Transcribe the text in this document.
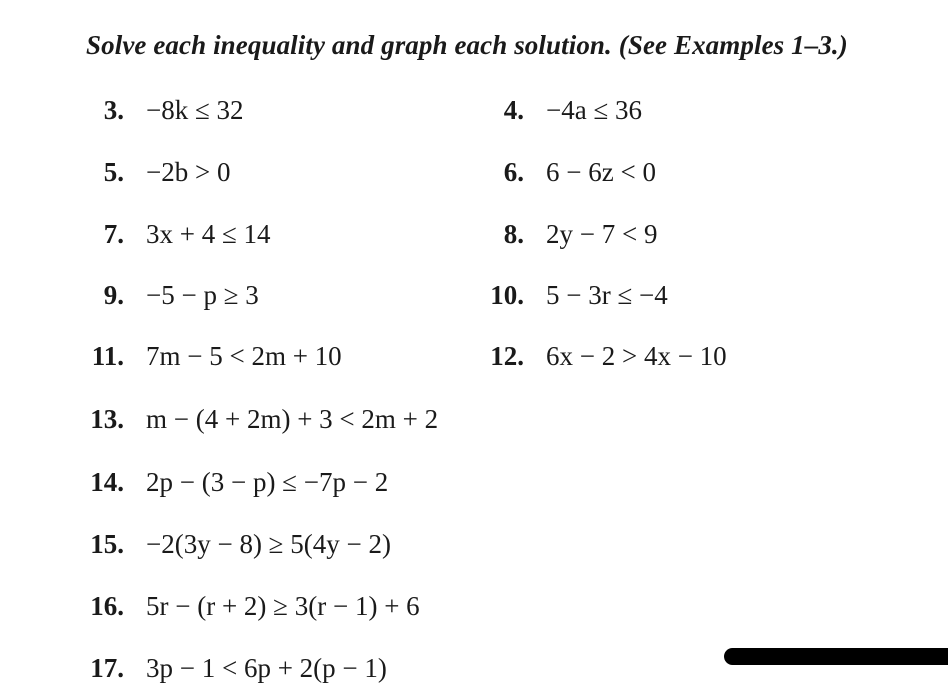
Solve each inequality and graph each solution. (See Examples 1–3.)
3. −8k ≤ 32	4. −4a ≤ 36
5. −2b > 0	6. 6 − 6z < 0
7. 3x + 4 ≤ 14	8. 2y − 7 < 9
9. −5 − p ≥ 3	10. 5 − 3r ≤ −4
11. 7m − 5 < 2m + 10	12. 6x − 2 > 4x − 10
13. m − (4 + 2m) + 3 < 2m + 2
14. 2p − (3 − p) ≤ −7p − 2
15. −2(3y − 8) ≥ 5(4y − 2)
16. 5r − (r + 2) ≥ 3(r − 1) + 6
17. 3p − 1 < 6p + 2(p − 1)
